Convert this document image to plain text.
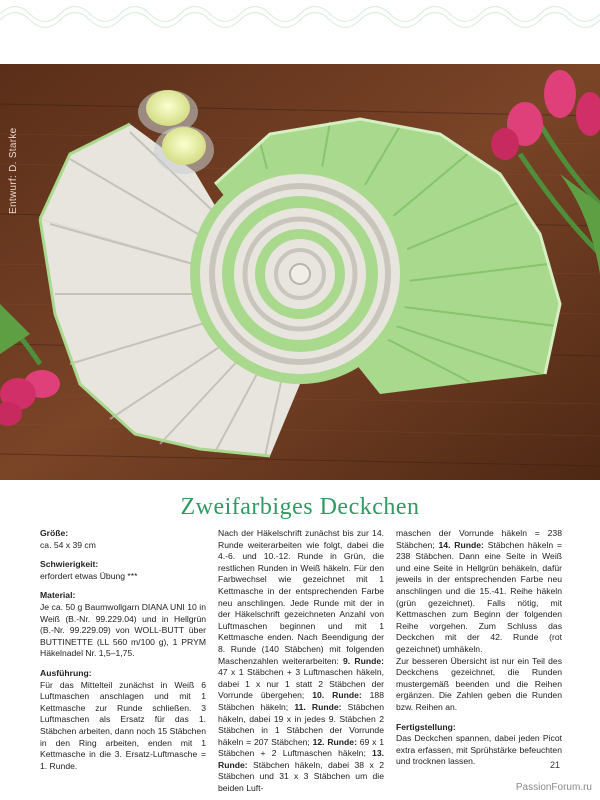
Entwurf: D. Starke
Zweifarbiges Deckchen
Größe:

ca. 54 x 39 cm

Schwierigkeit:

erfordert etwas Übung ***

Material:

Je ca. 50 g Baumwollgarn DIANA UNI 10 in Weiß (B.-Nr. 99.229.04) und in Hellgrün (B.-Nr. 99.229.09) von WOLL-BUTT über BUTTINETTE (LL 560 m/100 g), 1 PRYM Häkelnadel Nr. 1,5–1,75.

Ausführung:

Für das Mittelteil zunächst in Weiß 6 Luftmaschen anschlagen und mit 1 Kettmasche zur Runde schließen. 3 Luftmaschen als Ersatz für das 1. Stäbchen arbeiten, dann noch 15 Stäbchen in den Ring arbeiten, enden mit 1 Kettmasche in die 3. Ersatz-Luftmasche = 1. Runde.

Nach der Häkelschrift zunächst bis zur 14. Runde weiterarbeiten wie folgt, dabei die 4.-6. und 10.-12. Runde in Grün, die restlichen Runden in Weiß häkeln. Für den Farbwechsel wie gezeichnet mit 1 Kettmasche in der entsprechenden Farbe neu anschlingen. Jede Runde mit der in der Häkelschrift gezeichneten Anzahl von Luftmaschen beginnen und mit 1 Kettmasche enden. Nach Beendigung der 8. Runde (140 Stäbchen) mit folgenden Maschenzahlen weiterarbeiten: 9. Runde: 47 x 1 Stäbchen + 3 Luftmaschen häkeln, dabei 1 x nur 1 statt 2 Stäbchen der Vorrunde übergehen; 10. Runde: 188 Stäbchen häkeln; 11. Runde: Stäbchen häkeln, dabei 19 x in jedes 9. Stäbchen 2 Stäbchen in 1 Stäbchen der Vorrunde häkeln = 207 Stäbchen; 12. Runde: 69 x 1 Stäbchen + 2 Luftmaschen häkeln; 13. Runde: Stäbchen häkeln, dabei 38 x 2 Stäbchen und 31 x 3 Stäbchen um die beiden Luft-

maschen der Vorrunde häkeln = 238 Stäbchen; 14. Runde: Stäbchen häkeln = 238 Stäbchen. Dann eine Seite in Weiß und eine Seite in Hellgrün behäkeln, dafür jeweils in der entsprechenden Farbe neu anschlingen und die 15.-41. Reihe häkeln (grün gezeichnet). Falls nötig, mit Kettmaschen zum Beginn der folgenden Reihe vorgehen. Zum Schluss das Deckchen mit der 42. Runde (rot gezeichnet) umhäkeln.

Zur besseren Übersicht ist nur ein Teil des Deckchens gezeichnet, die Runden mustergemäß beenden und die Reihen ergänzen. Die Zahlen geben die Runden bzw. Reihen an.

Fertigstellung:

Das Deckchen spannen, dabei jeden Picot extra erfassen, mit Sprühstärke befeuchten und trocknen lassen.	21
PassionForum.ru
